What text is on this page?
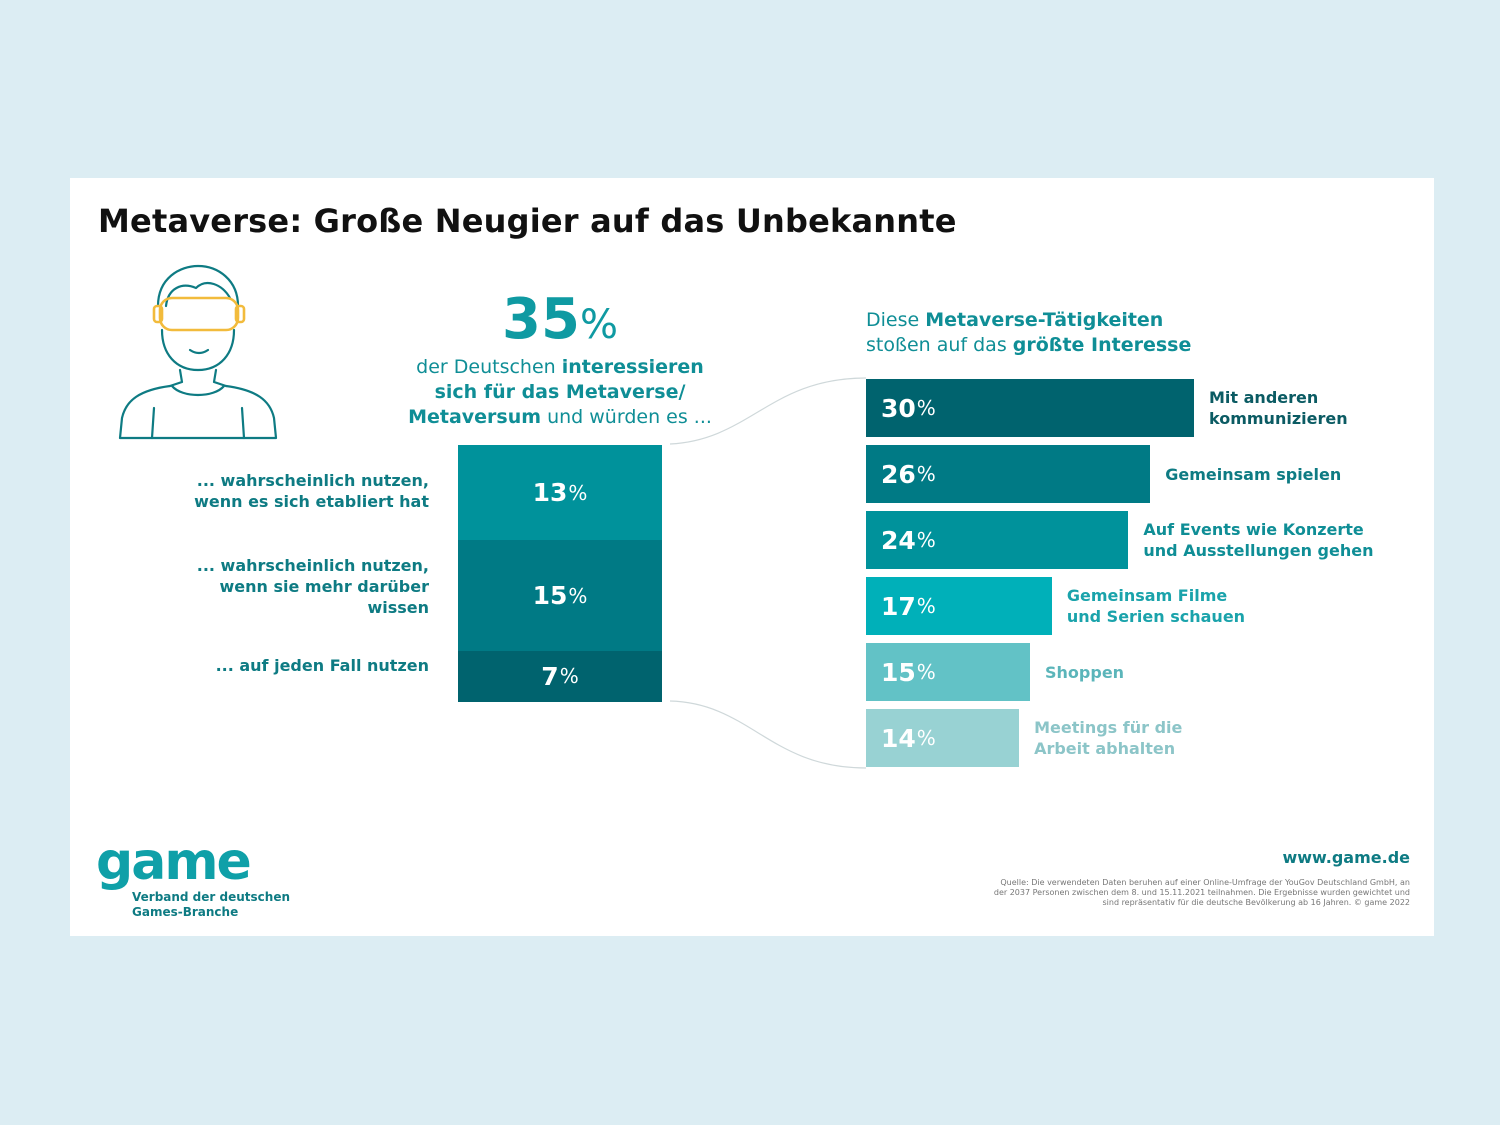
Metaverse: Große Neugier auf das Unbekannte
35%
der Deutschen interessieren
sich für das Metaverse/
Metaversum und würden es ...
13 %
15 %
7 %
... wahrscheinlich nutzen,
wenn es sich etabliert hat
... wahrscheinlich nutzen,
wenn sie mehr darüber
wissen
... auf jeden Fall nutzen
Diese Metaverse-Tätigkeiten
stoßen auf das größte Interesse
30 %	Mit anderen
kommunizieren
26 %	Gemeinsam spielen
24 %	Auf Events wie Konzerte
und Ausstellungen gehen
17 %	Gemeinsam Filme
und Serien schauen
15 %	Shoppen
14 %	Meetings für die
Arbeit abhalten
game
Verband der deutschen
Games-Branche
www.game.de
Quelle: Die verwendeten Daten beruhen auf einer Online-Umfrage der YouGov Deutschland GmbH, an
der 2037 Personen zwischen dem 8. und 15.11.2021 teilnahmen. Die Ergebnisse wurden gewichtet und
sind repräsentativ für die deutsche Bevölkerung ab 16 Jahren. © game 2022
